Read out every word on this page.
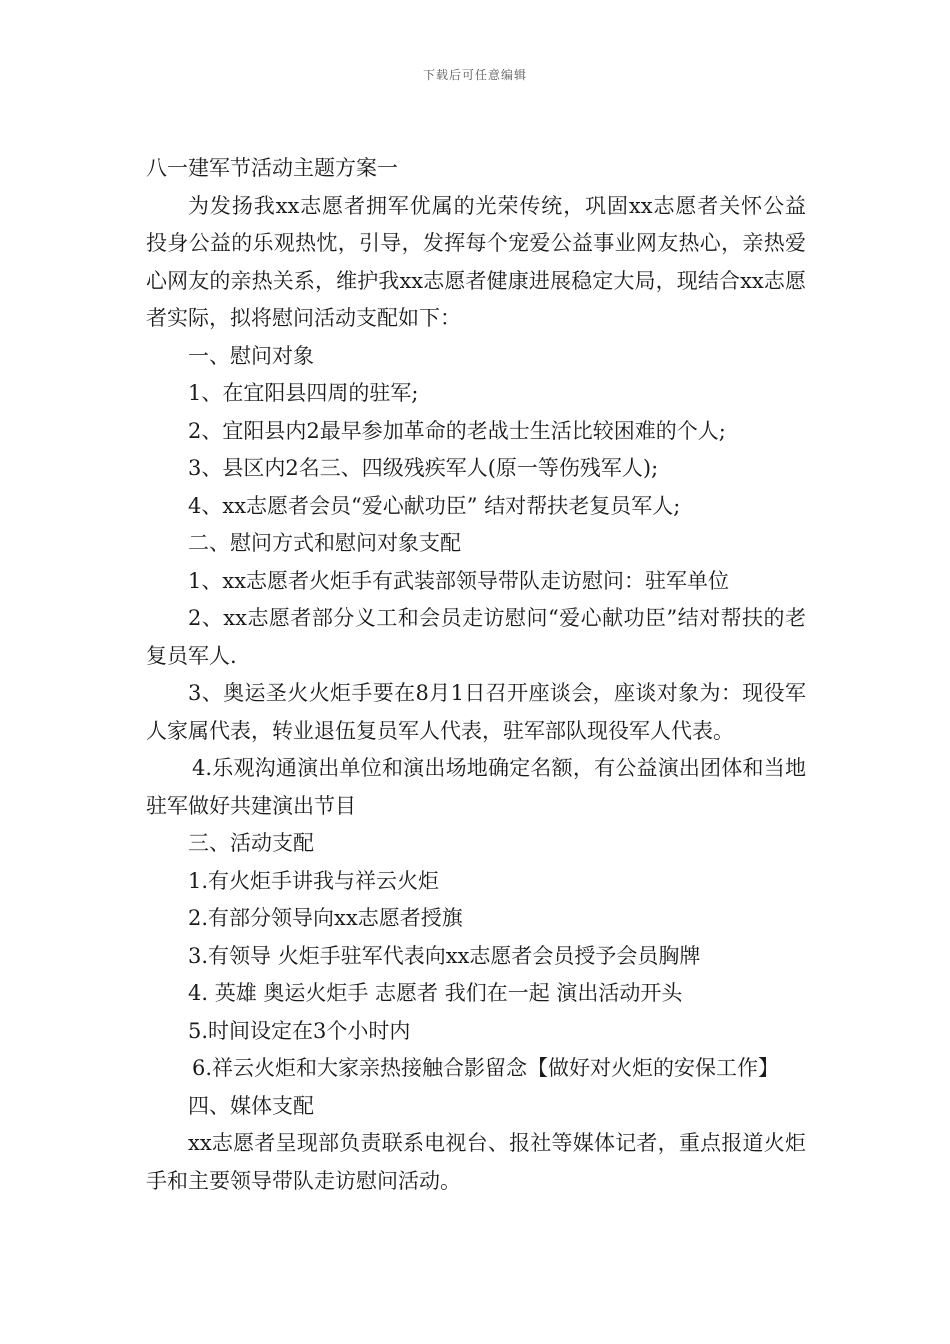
下载后可任意编辑

八一建军节活动主题方案一

为发扬我xx志愿者拥军优属的光荣传统，巩固xx志愿者关怀公益 投身公益的乐观热忱，引导，发挥每个宠爱公益事业网友热心，亲热爱心网友的亲热关系，维护我xx志愿者健康进展稳定大局，现结合xx志愿者实际，拟将慰问活动支配如下：

一、慰问对象

1、在宜阳县四周的驻军;

2、宜阳县内2最早参加革命的老战士生活比较困难的个人;

3、县区内2名三、四级残疾军人(原一等伤残军人);

4、xx志愿者会员“爱心献功臣” 结对帮扶老复员军人;

二、慰问方式和慰问对象支配

1、xx志愿者火炬手有武装部领导带队走访慰问：驻军单位

2、xx志愿者部分义工和会员走访慰问“爱心献功臣”结对帮扶的老复员军人.

3、奥运圣火火炬手要在8月1日召开座谈会，座谈对象为：现役军人家属代表，转业退伍复员军人代表，驻军部队现役军人代表。

4.乐观沟通演出单位和演出场地确定名额，有公益演出团体和当地驻军做好共建演出节目

三、活动支配

1.有火炬手讲我与祥云火炬

2.有部分领导向xx志愿者授旗

3.有领导 火炬手驻军代表向xx志愿者会员授予会员胸牌

4. 英雄 奥运火炬手 志愿者 我们在一起 演出活动开头

5.时间设定在3个小时内

6.祥云火炬和大家亲热接触合影留念【做好对火炬的安保工作】

四、媒体支配

xx志愿者呈现部负责联系电视台、报社等媒体记者，重点报道火炬手和主要领导带队走访慰问活动。
